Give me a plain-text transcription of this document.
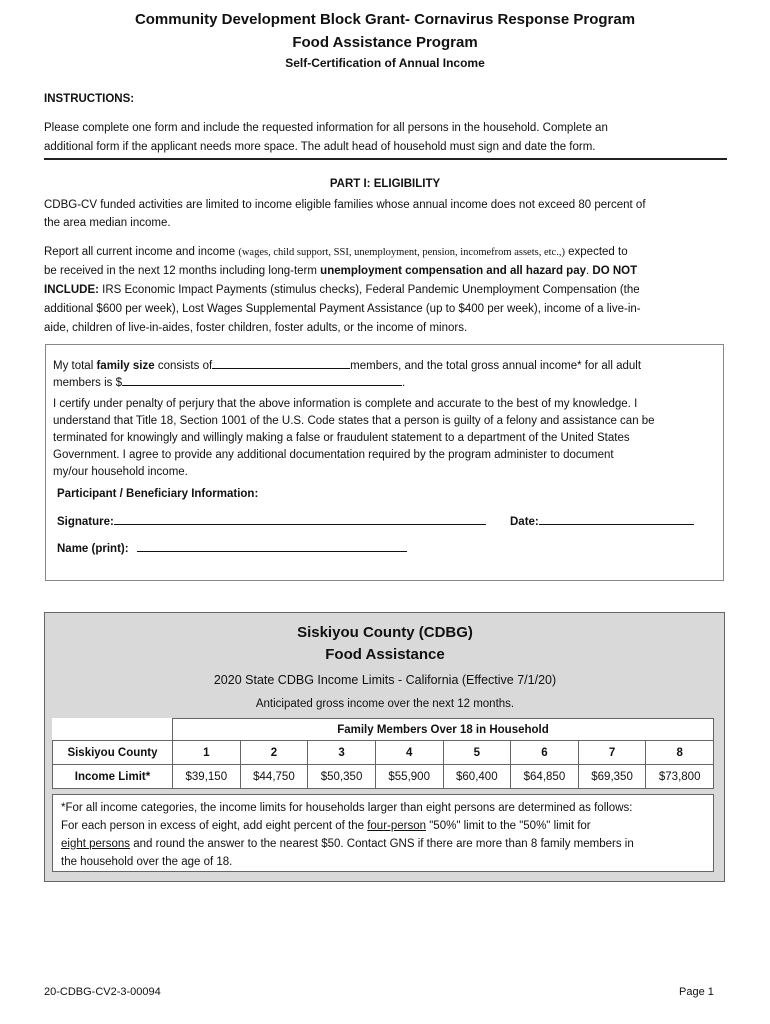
Community Development Block Grant- Cornavirus Response Program
Food Assistance Program
Self-Certification of Annual Income
INSTRUCTIONS:
Please complete one form and include the requested information for all persons in the household. Complete an
additional form if the applicant needs more space. The adult head of household must sign and date the form.
PART I: ELIGIBILITY
CDBG-CV funded activities are limited to income eligible families whose annual income does not exceed 80 percent of
the area median income.
Report all current income and income (wages, child support, SSI, unemployment, pension, incomefrom assets, etc.,) expected to
be received in the next 12 months including long-term unemployment compensation and all hazard pay. DO NOT
INCLUDE: IRS Economic Impact Payments (stimulus checks), Federal Pandemic Unemployment Compensation (the
additional $600 per week), Lost Wages Supplemental Payment Assistance (up to $400 per week), income of a live-in-
aide, children of live-in-aides, foster children, foster adults, or the income of minors.
My total family size consists of	members, and the total gross annual income* for all adult
members is $	.
I certify under penalty of perjury that the above information is complete and accurate to the best of my knowledge. I
understand that Title 18, Section 1001 of the U.S. Code states that a person is guilty of a felony and assistance can be
terminated for knowingly and willingly making a false or fraudulent statement to a department of the United States
Government. I agree to provide any additional documentation required by the program administer to document
my/our household income.
Participant / Beneficiary Information:
Signature:	Date:
Name (print):
Siskiyou County (CDBG)
Food Assistance
2020 State CDBG Income Limits - California (Effective 7/1/20)
Anticipated gross income over the next 12 months.
	Family Members Over 18 in Household							
Siskiyou County	1	2	3	4	5	6	7	8
Income Limit*	$39,150	$44,750	$50,350	$55,900	$60,400	$64,850	$69,350	$73,800
*For all income categories, the income limits for households larger than eight persons are determined as follows:
For each person in excess of eight, add eight percent of the four-person "50%" limit to the "50%" limit for
eight persons and round the answer to the nearest $50. Contact GNS if there are more than 8 family members in
the household over the age of 18.
20-CDBG-CV2-3-00094	Page 1
